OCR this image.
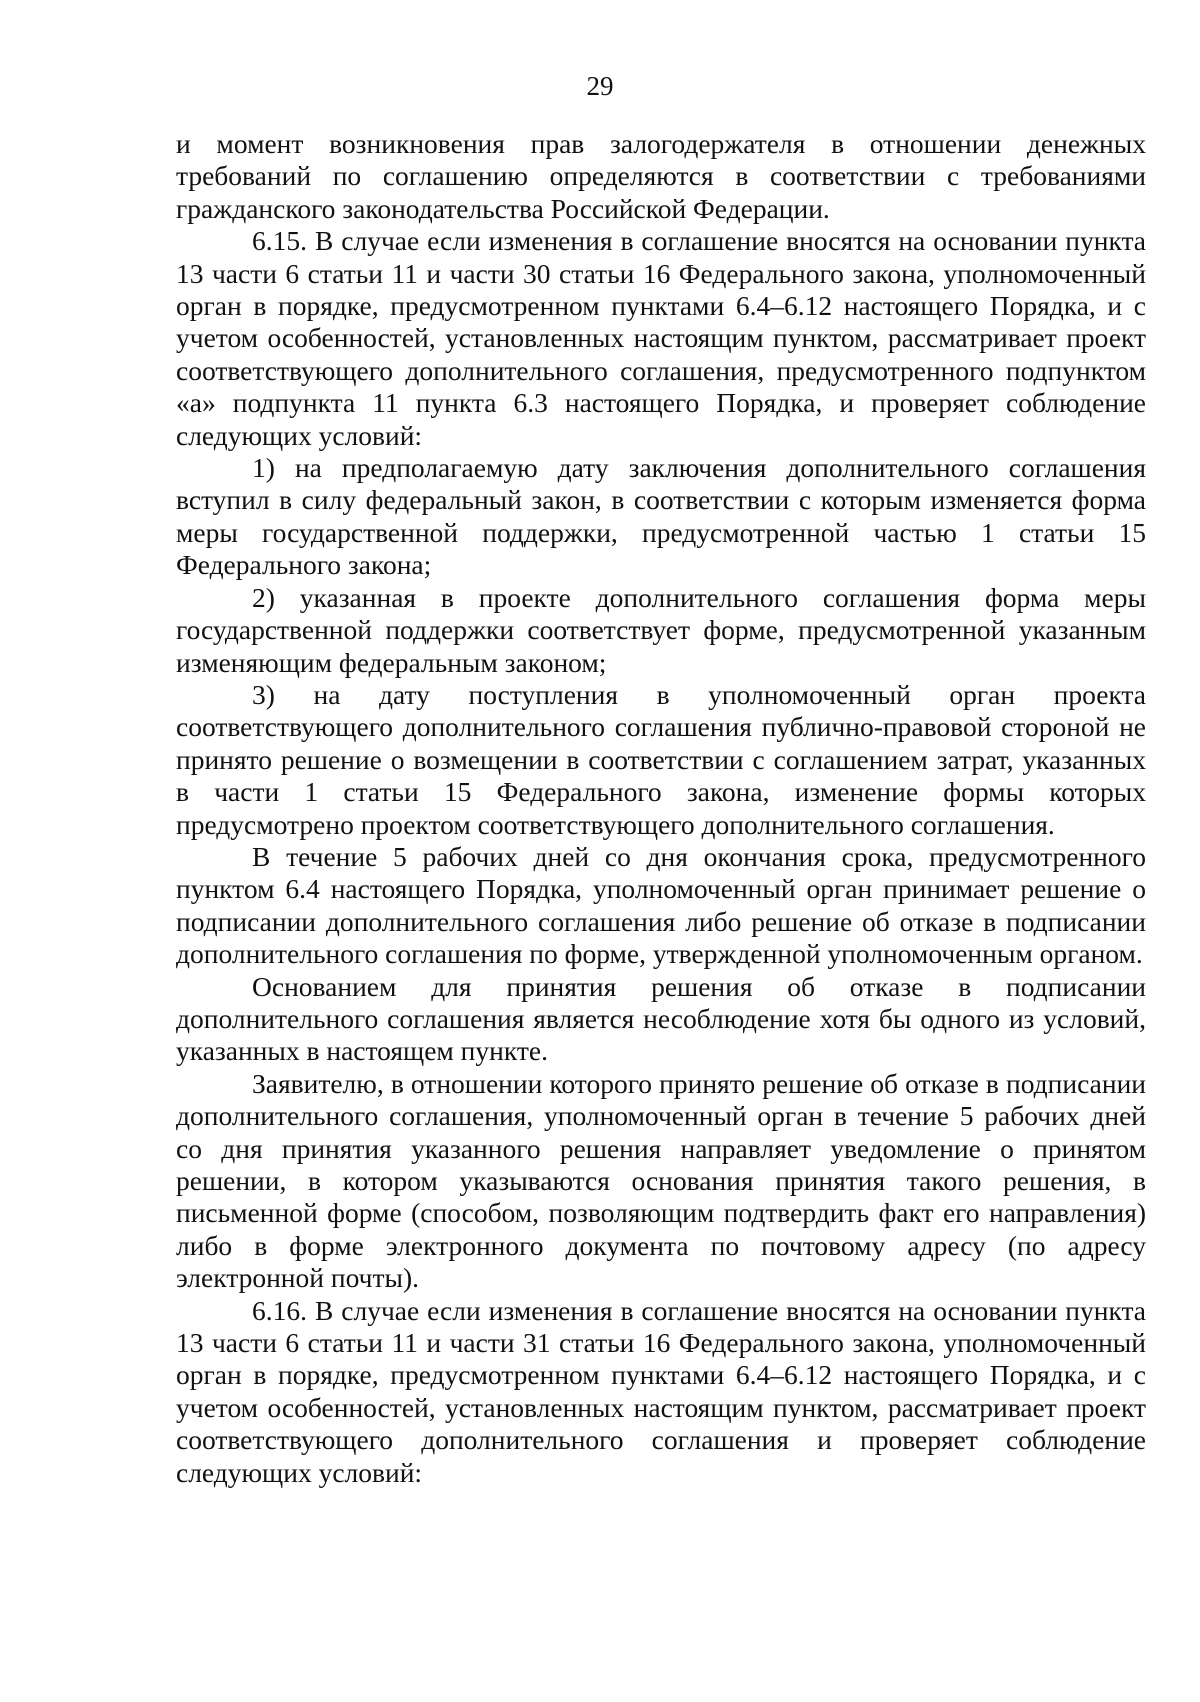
29

и момент возникновения прав залогодержателя в отношении денежных требований по соглашению определяются в соответствии с требованиями гражданского законодательства Российской Федерации.

6.15. В случае если изменения в соглашение вносятся на основании пункта 13 части 6 статьи 11 и части 30 статьи 16 Федерального закона, уполномоченный орган в порядке, предусмотренном пунктами 6.4–6.12 настоящего Порядка, и с учетом особенностей, установленных настоящим пунктом, рассматривает проект соответствующего дополнительного соглашения, предусмотренного подпунктом «а» подпункта 11 пункта 6.3 настоящего Порядка, и проверяет соблюдение следующих условий:

1) на предполагаемую дату заключения дополнительного соглашения вступил в силу федеральный закон, в соответствии с которым изменяется форма меры государственной поддержки, предусмотренной частью 1 статьи 15 Федерального закона;

2) указанная в проекте дополнительного соглашения форма меры государственной поддержки соответствует форме, предусмотренной указанным изменяющим федеральным законом;

3) на дату поступления в уполномоченный орган проекта соответствующего дополнительного соглашения публично-правовой стороной не принято решение о возмещении в соответствии с соглашением затрат, указанных в части 1 статьи 15 Федерального закона, изменение формы которых предусмотрено проектом соответствующего дополнительного соглашения.

В течение 5 рабочих дней со дня окончания срока, предусмотренного пунктом 6.4 настоящего Порядка, уполномоченный орган принимает решение о подписании дополнительного соглашения либо решение об отказе в подписании дополнительного соглашения по форме, утвержденной уполномоченным органом.

Основанием для принятия решения об отказе в подписании дополнительного соглашения является несоблюдение хотя бы одного из условий, указанных в настоящем пункте.

Заявителю, в отношении которого принято решение об отказе в подписании дополнительного соглашения, уполномоченный орган в течение 5 рабочих дней со дня принятия указанного решения направляет уведомление о принятом решении, в котором указываются основания принятия такого решения, в письменной форме (способом, позволяющим подтвердить факт его направления) либо в форме электронного документа по почтовому адресу (по адресу электронной почты).

6.16. В случае если изменения в соглашение вносятся на основании пункта 13 части 6 статьи 11 и части 31 статьи 16 Федерального закона, уполномоченный орган в порядке, предусмотренном пунктами 6.4–6.12 настоящего Порядка, и с учетом особенностей, установленных настоящим пунктом, рассматривает проект соответствующего дополнительного соглашения и проверяет соблюдение следующих условий:
